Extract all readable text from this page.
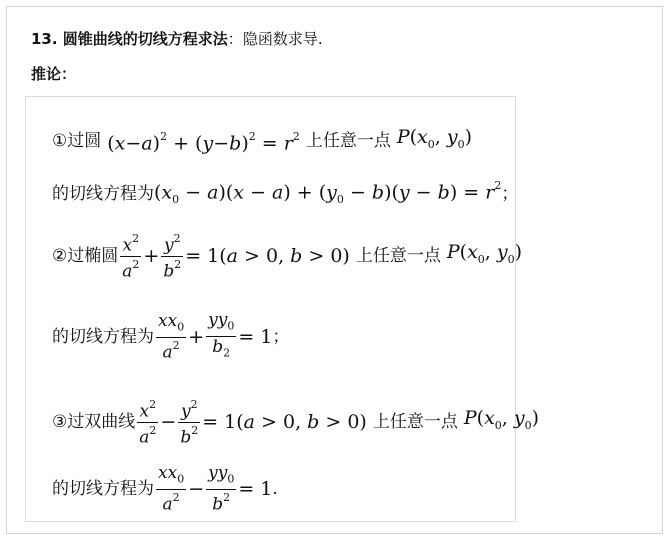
13. 圆锥曲线的切线方程求法：隐函数求导.
推论：
①过圆 $(x-a)^2 + (y-b)^2 = r^2$ 上任意一点 $P(x_0$, $y_0$)
的切线方程为 $(x_0 - a)(x - a) + (y_0 - b)(y - b) = r^2$ ；
②过椭圆 $\frac{x^2}{a^2} + \frac{y^2}{b^2} = 1(a > 0$, b > 0) 上任意一点 $P(x_0$, $y_0$)
的切线方程为 $\frac{xx_0}{a^2} + \frac{yy_0}{b_2} = 1$ ；
③过双曲线 $\frac{x^2}{a^2} - \frac{y^2}{b^2} = 1(a > 0$, b > 0) 上任意一点 $P(x_0$, $y_0$)
的切线方程为 $\frac{xx_0}{a^2} - \frac{yy_0}{b^2} = 1$ .
